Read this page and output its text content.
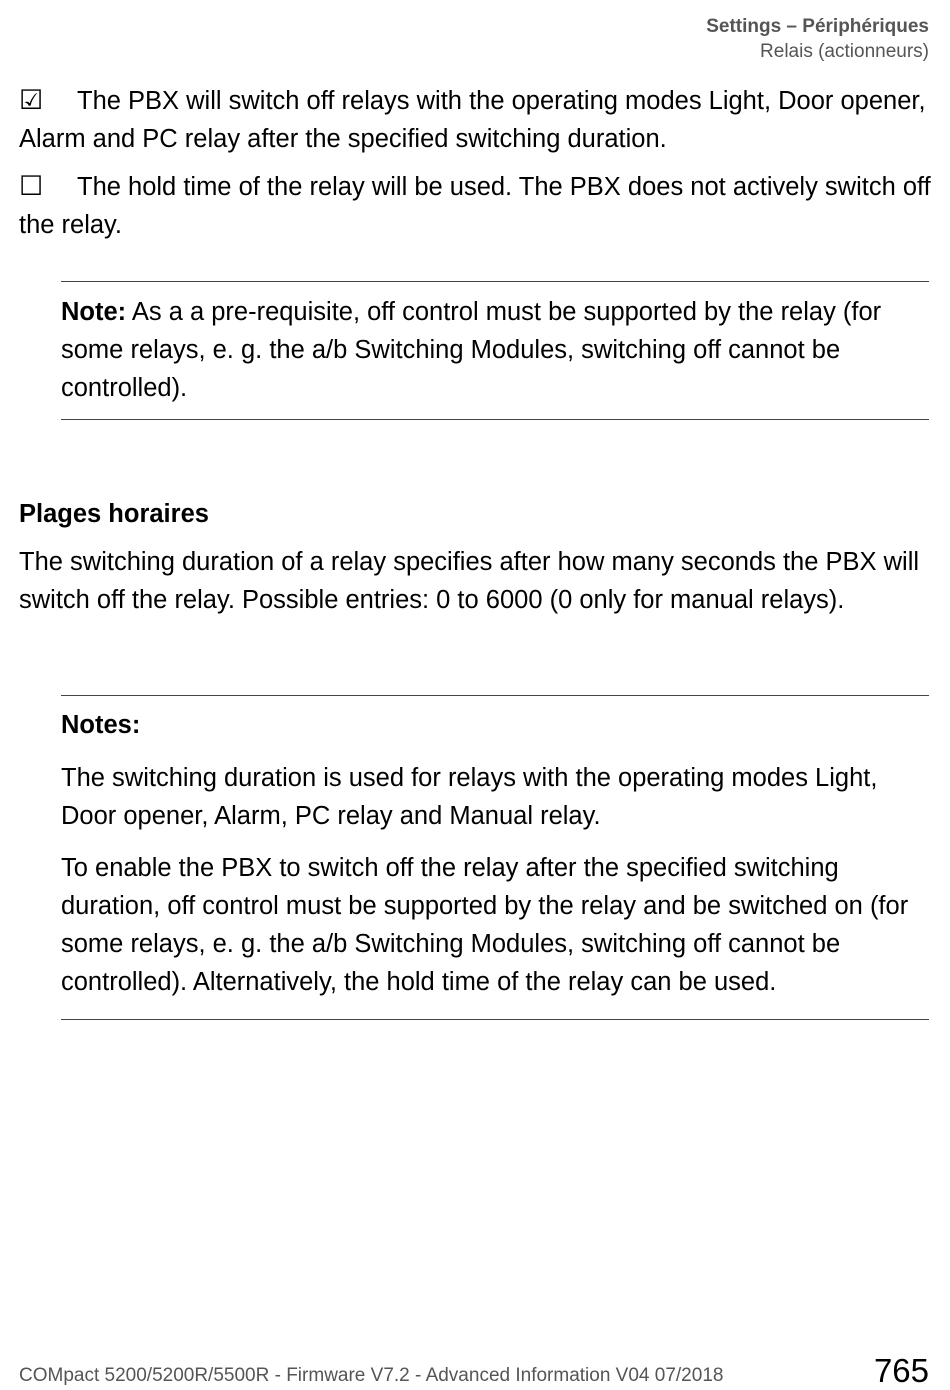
Settings – Périphériques
Relais (actionneurs)
☑ The PBX will switch off relays with the operating modes Light, Door opener, Alarm and PC relay after the specified switching duration.
☐ The hold time of the relay will be used. The PBX does not actively switch off the relay.

Note: As a a pre-requisite, off control must be supported by the relay (for some relays, e. g. the a/b Switching Modules, switching off cannot be controlled).

Plages horaires

The switching duration of a relay specifies after how many seconds the PBX will switch off the relay. Possible entries: 0 to 6000 (0 only for manual relays).

Notes:

The switching duration is used for relays with the operating modes Light, Door opener, Alarm, PC relay and Manual relay.

To enable the PBX to switch off the relay after the specified switching duration, off control must be supported by the relay and be switched on (for some relays, e. g. the a/b Switching Modules, switching off cannot be controlled). Alternatively, the hold time of the relay can be used.

COMpact 5200/5200R/5500R - Firmware V7.2 - Advanced Information V04 07/2018	765
